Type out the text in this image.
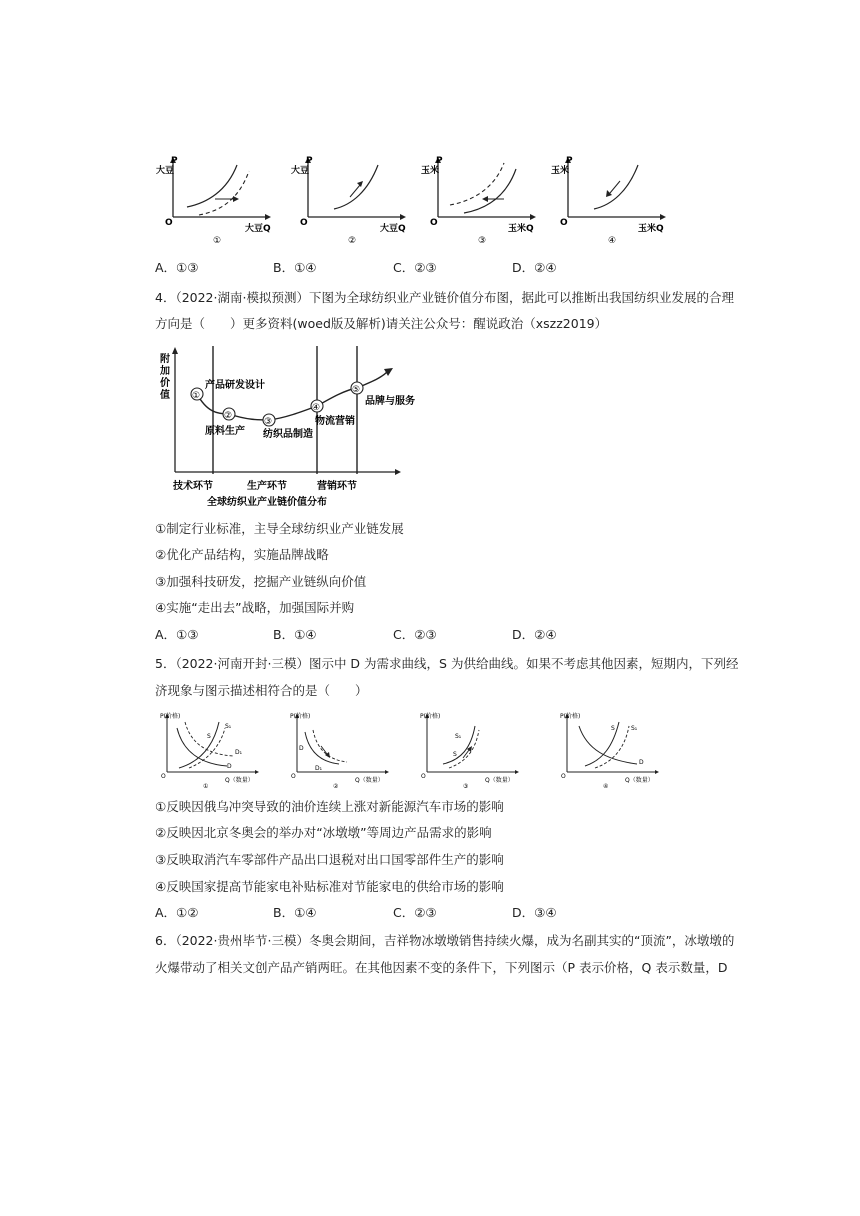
P
大豆
O
大豆Q
①
P
大豆
O
大豆Q
②
P
玉米
O
玉米Q
③
P
玉米
O
玉米Q
④
A．①③	B．①④	C．②③	D．②④
4．（2022·湖南·模拟预测）下图为全球纺织业产业链价值分布图，据此可以推断出我国纺织业发展的合理
方向是（　　）更多资料(woed版及解析)请关注公众号：醒说政治（xszz2019）
附
加
价
值 ①
②
③
④
⑤
产品研发设计
原料生产 纺织品制造
物流营销
品牌与服务
技术环节	生产环节	营销环节
全球纺织业产业链价值分布
①制定行业标准，主导全球纺织业产业链发展
②优化产品结构，实施品牌战略
③加强科技研发，挖掘产业链纵向价值
④实施“走出去”战略，加强国际并购
A．①③	B．①④	C．②③	D．②④
5．（2022·河南开封·三模）图示中 D 为需求曲线，S 为供给曲线。如果不考虑其他因素，短期内，下列经
济现象与图示描述相符合的是（　　）
P(价格)
O
Q（数量）
①
S
S₁
D
D₁
P(价格)
O
Q（数量）
②
D
D₁
P(价格)
O
Q（数量）
③
S
S₁
P(价格)
O
Q（数量）
④
S	S₁
D
①反映因俄乌冲突导致的油价连续上涨对新能源汽车市场的影响
②反映因北京冬奥会的举办对“冰墩墩”等周边产品需求的影响
③反映取消汽车零部件产品出口退税对出口国零部件生产的影响
④反映国家提高节能家电补贴标准对节能家电的供给市场的影响
A．①②	B．①④	C．②③	D．③④
6．（2022·贵州毕节·三模）冬奥会期间，吉祥物冰墩墩销售持续火爆，成为名副其实的“顶流”，冰墩墩的
火爆带动了相关文创产品产销两旺。在其他因素不变的条件下，下列图示（P 表示价格，Q 表示数量，D
